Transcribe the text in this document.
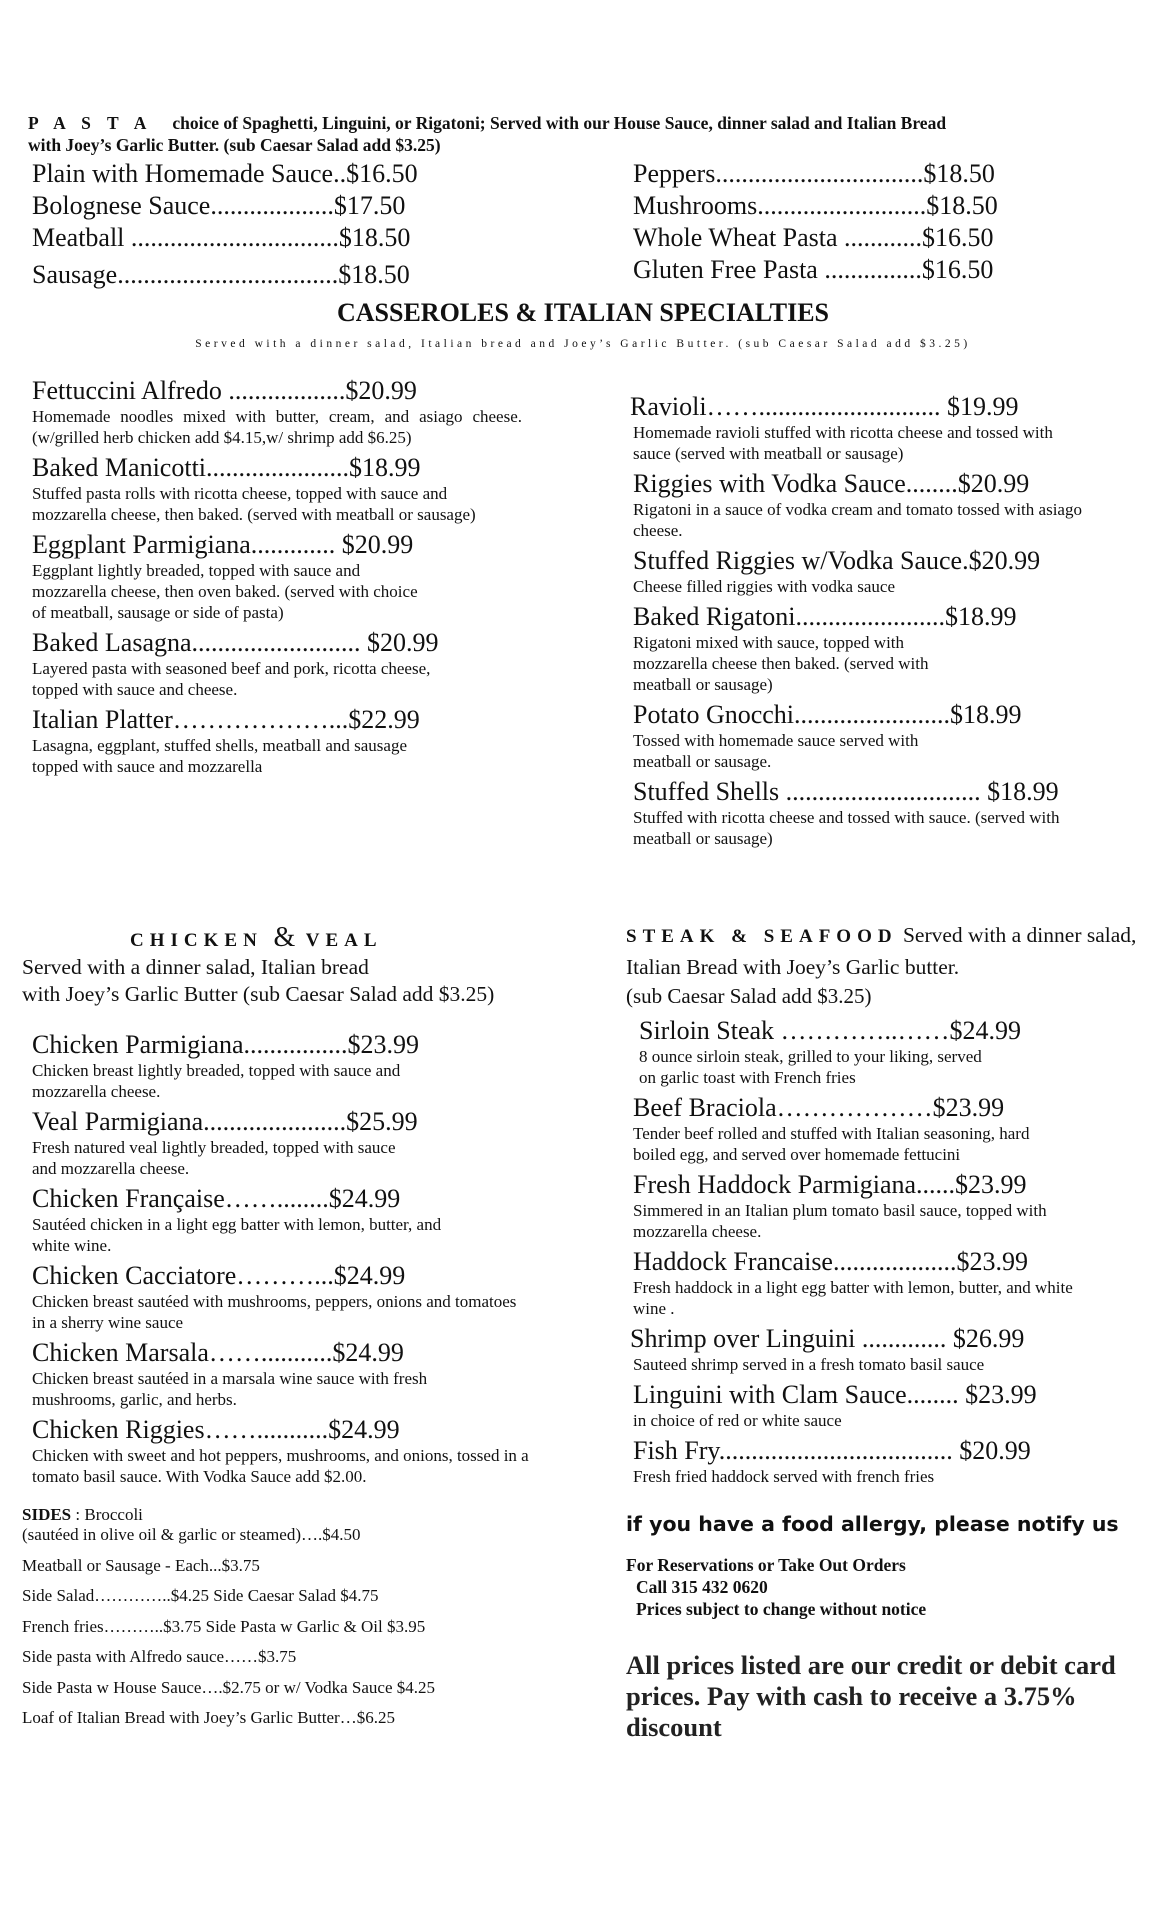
P A S T A choice of Spaghetti, Linguini, or Rigatoni; Served with our House Sauce, dinner salad and Italian Bread
with Joey’s Garlic Butter. (sub Caesar Salad add $3.25)

Plain with Homemade Sauce..$16.50

Bolognese Sauce...................$17.50

Meatball ................................$18.50

Sausage..................................$18.50

Peppers................................$18.50

Mushrooms..........................$18.50

Whole Wheat Pasta ............$16.50

Gluten Free Pasta ...............$16.50

CASSEROLES & ITALIAN SPECIALTIES
Served with a dinner salad, Italian bread and Joey’s Garlic Butter. (sub Caesar Salad add $3.25)
Fettuccini Alfredo ..................$20.99
Homemade noodles mixed with butter, cream, and asiago cheese. (w/grilled herb chicken add $4.15,w/ shrimp add $6.25)
Baked Manicotti......................$18.99
Stuffed pasta rolls with ricotta cheese, topped with sauce and mozzarella cheese, then baked. (served with meatball or sausage)
Eggplant Parmigiana............. $20.99
Eggplant lightly breaded, topped with sauce and mozzarella cheese, then oven baked. (served with choice of meatball, sausage or side of pasta)
Baked Lasagna.......................... $20.99
Layered pasta with seasoned beef and pork, ricotta cheese, topped with sauce and cheese.
Italian Platter………………...$22.99
Lasagna, eggplant, stuffed shells, meatball and sausage topped with sauce and mozzarella
Ravioli……............................ $19.99
Homemade ravioli stuffed with ricotta cheese and tossed with sauce (served with meatball or sausage)
Riggies with Vodka Sauce........$20.99
Rigatoni in a sauce of vodka cream and tomato tossed with asiago cheese.
Stuffed Riggies w/Vodka Sauce.$20.99
Cheese filled riggies with vodka sauce
Baked Rigatoni.......................$18.99
Rigatoni mixed with sauce, topped with mozzarella cheese then baked. (served with meatball or sausage)
Potato Gnocchi........................$18.99
Tossed with homemade sauce served with meatball or sausage.
Stuffed Shells .............................. $18.99
Stuffed with ricotta cheese and tossed with sauce. (served with meatball or sausage)
CHICKEN & VEAL
Served with a dinner salad, Italian bread
with Joey’s Garlic Butter (sub Caesar Salad add $3.25)
Chicken Parmigiana................$23.99
Chicken breast lightly breaded, topped with sauce and mozzarella cheese.
Veal Parmigiana......................$25.99
Fresh natured veal lightly breaded, topped with sauce and mozzarella cheese.
Chicken Française……........$24.99
Sautéed chicken in a light egg batter with lemon, butter, and white wine.
Chicken Cacciatore………...$24.99
Chicken breast sautéed with mushrooms, peppers, onions and tomatoes in a sherry wine sauce
Chicken Marsala……...........$24.99
Chicken breast sautéed in a marsala wine sauce with fresh mushrooms, garlic, and herbs.
Chicken Riggies……...........$24.99
Chicken with sweet and hot peppers, mushrooms, and onions, tossed in a tomato basil sauce. With Vodka Sauce add $2.00.
STEAK & SEAFOOD Served with a dinner salad, Italian Bread with Joey’s Garlic butter.
(sub Caesar Salad add $3.25)
Sirloin Steak …………..……$24.99
8 ounce sirloin steak, grilled to your liking, served on garlic toast with French fries
Beef Braciola………………$23.99
Tender beef rolled and stuffed with Italian seasoning, hard boiled egg, and served over homemade fettucini
Fresh Haddock Parmigiana......$23.99
Simmered in an Italian plum tomato basil sauce, topped with mozzarella cheese.
Haddock Francaise...................$23.99
Fresh haddock in a light egg batter with lemon, butter, and white wine .
Shrimp over Linguini ............. $26.99
Sauteed shrimp served in a fresh tomato basil sauce
Linguini with Clam Sauce........ $23.99
in choice of red or white sauce
Fish Fry.................................... $20.99
Fresh fried haddock served with french fries
SIDES : Broccoli
(sautéed in olive oil & garlic or steamed)….$4.50
Meatball or Sausage - Each...$3.75
Side Salad…………..$4.25 Side Caesar Salad $4.75
French fries………..$3.75 Side Pasta w Garlic & Oil $3.95
Side pasta with Alfredo sauce……$3.75
Side Pasta w House Sauce….$2.75 or w/ Vodka Sauce $4.25
Loaf of Italian Bread with Joey’s Garlic Butter…$6.25
if you have a food allergy, please notify us
For Reservations or Take Out Orders
Call 315 432 0620
Prices subject to change without notice
All prices listed are our credit or debit card prices. Pay with cash to receive a 3.75% discount
